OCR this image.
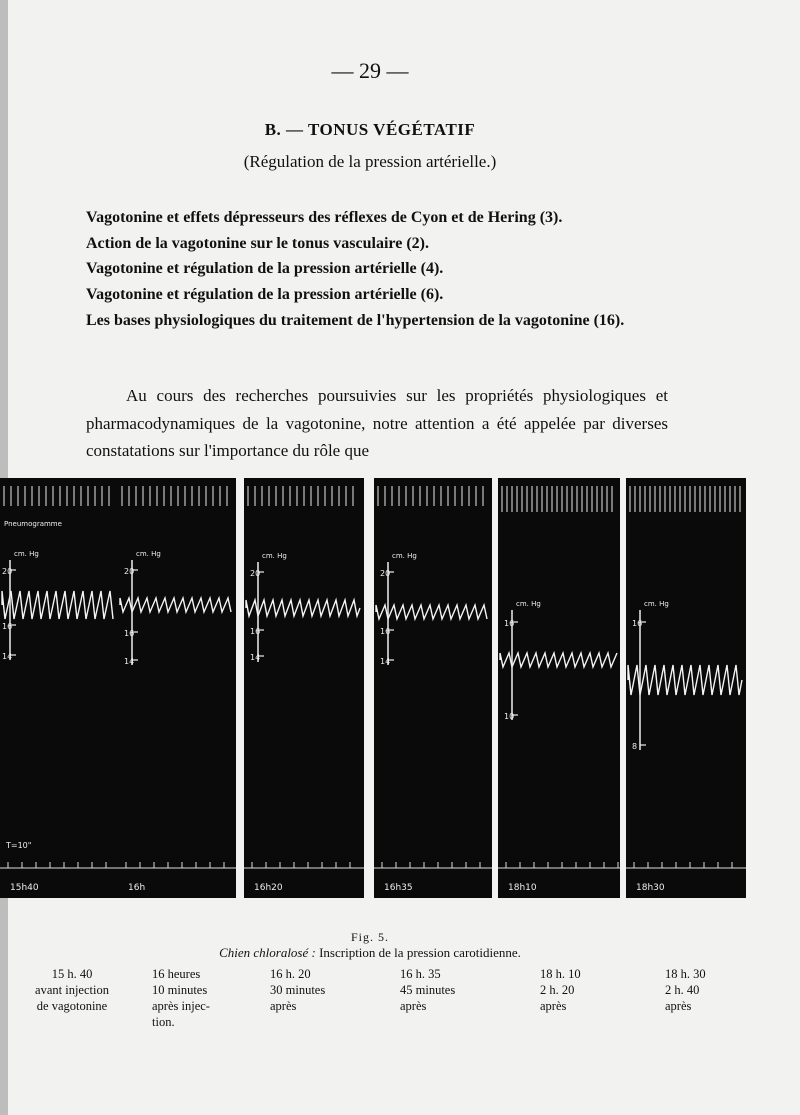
— 29 —
B. — TONUS VÉGÉTATIF
(Régulation de la pression artérielle.)
Vagotonine et effets dépresseurs des réflexes de Cyon et de Hering (3).
Action de la vagotonine sur le tonus vasculaire (2).
Vagotonine et régulation de la pression artérielle (4).
Vagotonine et régulation de la pression artérielle (6).
Les bases physiologiques du traitement de l'hypertension de la vagotonine (16).
Au cours des recherches poursuivies sur les propriétés physiologiques et pharmacodynamiques de la vagotonine, notre attention a été appelée par diverses constatations sur l'importance du rôle que
20
16
14
cm. Hg
15h40
Pneumogramme
T=10"
20
16
14
cm. Hg
16h
20
16
14
cm. Hg
16h20
20
16
14
cm. Hg
16h35
16
10
cm. Hg
18h10
16
8
cm. Hg
18h30
Fig. 5.
Chien chloralosé : Inscription de la pression carotidienne.
15 h. 40
avant injection
de vagotonine
16 heures
10 minutes
après injec-
tion.
16 h. 20
30 minutes
après
16 h. 35
45 minutes
après
18 h. 10
2 h. 20
après
18 h. 30
2 h. 40
après
